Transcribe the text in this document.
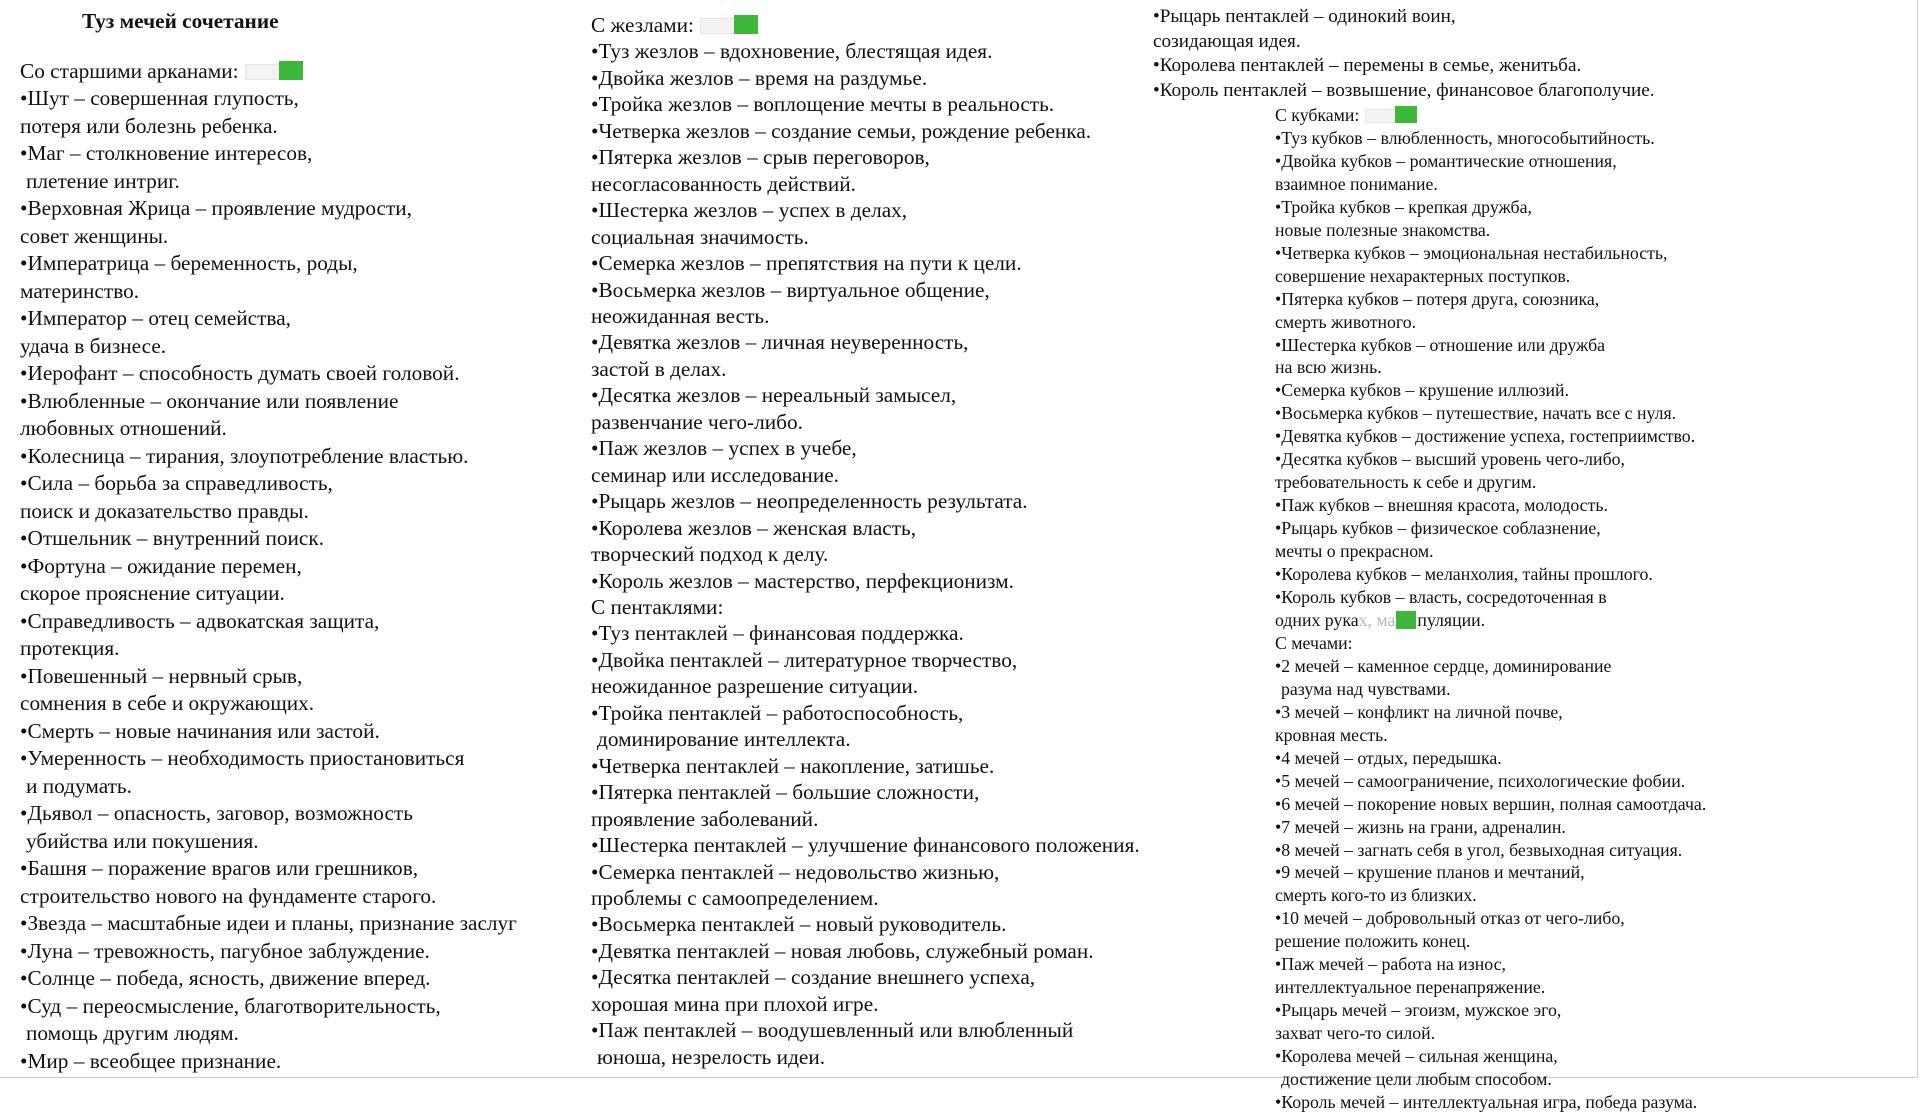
Туз мечей сочетание
Со старшими арканами:
•Шут – совершенная глупость,
потеря или болезнь ребенка.
•Маг – столкновение интересов,
плетение интриг.
•Верховная Жрица – проявление мудрости,
совет женщины.
•Императрица – беременность, роды,
материнство.
•Император – отец семейства,
удача в бизнесе.
•Иерофант – способность думать своей головой.
•Влюбленные – окончание или появление
любовных отношений.
•Колесница – тирания, злоупотребление властью.
•Сила – борьба за справедливость,
поиск и доказательство правды.
•Отшельник – внутренний поиск.
•Фортуна – ожидание перемен,
скорое прояснение ситуации.
•Справедливость – адвокатская защита,
протекция.
•Повешенный – нервный срыв,
сомнения в себе и окружающих.
•Смерть – новые начинания или застой.
•Умеренность – необходимость приостановиться
и подумать.
•Дьявол – опасность, заговор, возможность
убийства или покушения.
•Башня – поражение врагов или грешников,
строительство нового на фундаменте старого.
•Звезда – масштабные идеи и планы, признание заслуг
•Луна – тревожность, пагубное заблуждение.
•Солнце – победа, ясность, движение вперед.
•Суд – переосмысление, благотворительность,
помощь другим людям.
•Мир – всеобщее признание.
С жезлами:
•Туз жезлов – вдохновение, блестящая идея.
•Двойка жезлов – время на раздумье.
•Тройка жезлов – воплощение мечты в реальность.
•Четверка жезлов – создание семьи, рождение ребенка.
•Пятерка жезлов – срыв переговоров,
несогласованность действий.
•Шестерка жезлов – успех в делах,
социальная значимость.
•Семерка жезлов – препятствия на пути к цели.
•Восьмерка жезлов – виртуальное общение,
неожиданная весть.
•Девятка жезлов – личная неуверенность,
застой в делах.
•Десятка жезлов – нереальный замысел,
развенчание чего-либо.
•Паж жезлов – успех в учебе,
семинар или исследование.
•Рыцарь жезлов – неопределенность результата.
•Королева жезлов – женская власть,
творческий подход к делу.
•Король жезлов – мастерство, перфекционизм.
С пентаклями:
•Туз пентаклей – финансовая поддержка.
•Двойка пентаклей – литературное творчество,
неожиданное разрешение ситуации.
•Тройка пентаклей – работоспособность,
доминирование интеллекта.
•Четверка пентаклей – накопление, затишье.
•Пятерка пентаклей – большие сложности,
проявление заболеваний.
•Шестерка пентаклей – улучшение финансового положения.
•Семерка пентаклей – недовольство жизнью,
проблемы с самоопределением.
•Восьмерка пентаклей – новый руководитель.
•Девятка пентаклей – новая любовь, служебный роман.
•Десятка пентаклей – создание внешнего успеха,
хорошая мина при плохой игре.
•Паж пентаклей – воодушевленный или влюбленный
юноша, незрелость идеи.
•Рыцарь пентаклей – одинокий воин,
созидающая идея.
•Королева пентаклей – перемены в семье, женитьба.
•Король пентаклей – возвышение, финансовое благополучие.
С кубками:
•Туз кубков – влюбленность, многособытийность.
•Двойка кубков – романтические отношения,
взаимное понимание.
•Тройка кубков – крепкая дружба,
новые полезные знакомства.
•Четверка кубков – эмоциональная нестабильность,
совершение нехарактерных поступков.
•Пятерка кубков – потеря друга, союзника,
смерть животного.
•Шестерка кубков – отношение или дружба
на всю жизнь.
•Семерка кубков – крушение иллюзий.
•Восьмерка кубков – путешествие, начать все с нуля.
•Девятка кубков – достижение успеха, гостеприимство.
•Десятка кубков – высший уровень чего-либо,
требовательность к себе и другим.
•Паж кубков – внешняя красота, молодость.
•Рыцарь кубков – физическое соблазнение,
мечты о прекрасном.
•Королева кубков – меланхолия, тайны прошлого.
•Король кубков – власть, сосредоточенная в
одних руках, ма пуляции.
С мечами:
•2 мечей – каменное сердце, доминирование
разума над чувствами.
•3 мечей – конфликт на личной почве,
кровная месть.
•4 мечей – отдых, передышка.
•5 мечей – самоограничение, психологические фобии.
•6 мечей – покорение новых вершин, полная самоотдача.
•7 мечей – жизнь на грани, адреналин.
•8 мечей – загнать себя в угол, безвыходная ситуация.
•9 мечей – крушение планов и мечтаний,
смерть кого-то из близких.
•10 мечей – добровольный отказ от чего-либо,
решение положить конец.
•Паж мечей – работа на износ,
интеллектуальное перенапряжение.
•Рыцарь мечей – эгоизм, мужское эго,
захват чего-то силой.
•Королева мечей – сильная женщина,
достижение цели любым способом.
•Король мечей – интеллектуальная игра, победа разума.
